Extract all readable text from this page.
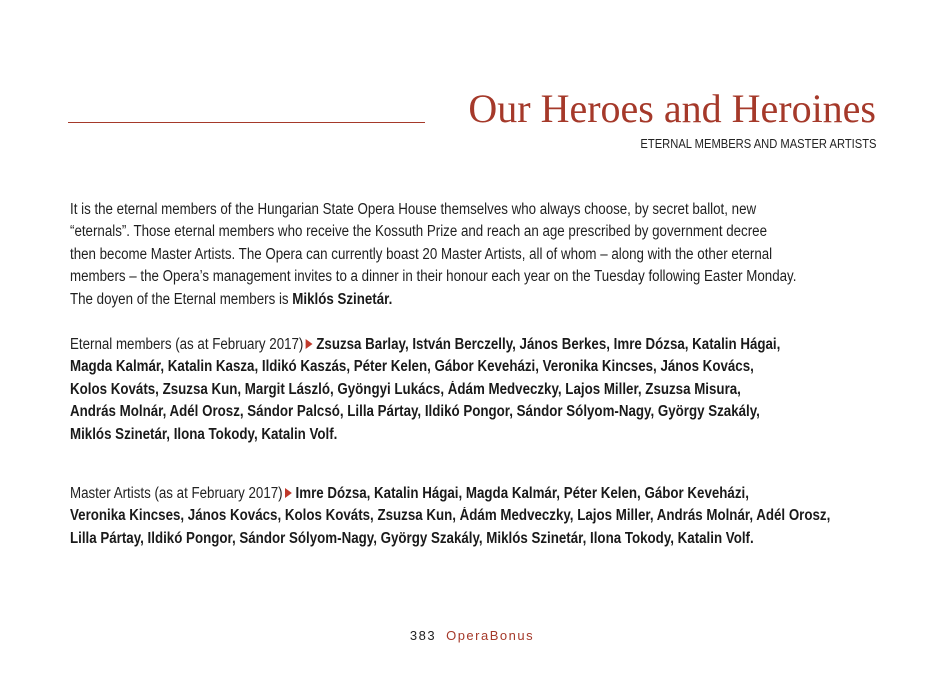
Our Heroes and Heroines
ETERNAL MEMBERS AND MASTER ARTISTS
It is the eternal members of the Hungarian State Opera House themselves who always choose, by secret ballot, new
“eternals”. Those eternal members who receive the Kossuth Prize and reach an age prescribed by government decree
then become Master Artists. The Opera can currently boast 20 Master Artists, all of whom – along with the other eternal
members – the Opera’s management invites to a dinner in their honour each year on the Tuesday following Easter Monday.
The doyen of the Eternal members is Miklós Szinetár.
Eternal members (as at February 2017) Zsuzsa Barlay, István Berczelly, János Berkes, Imre Dózsa, Katalin Hágai,
Magda Kalmár, Katalin Kasza, Ildikó Kaszás, Péter Kelen, Gábor Keveházi, Veronika Kincses, János Kovács,
Kolos Kováts, Zsuzsa Kun, Margit László, Gyöngyi Lukács, Ádám Medveczky, Lajos Miller, Zsuzsa Misura,
András Molnár, Adél Orosz, Sándor Palcsó, Lilla Pártay, Ildikó Pongor, Sándor Sólyom-Nagy, György Szakály,
Miklós Szinetár, Ilona Tokody, Katalin Volf.
Master Artists (as at February 2017) Imre Dózsa, Katalin Hágai, Magda Kalmár, Péter Kelen, Gábor Keveházi,
Veronika Kincses, János Kovács, Kolos Kováts, Zsuzsa Kun, Ádám Medveczky, Lajos Miller, András Molnár, Adél Orosz,
Lilla Pártay, Ildikó Pongor, Sándor Sólyom-Nagy, György Szakály, Miklós Szinetár, Ilona Tokody, Katalin Volf.
383 OperaBonus
